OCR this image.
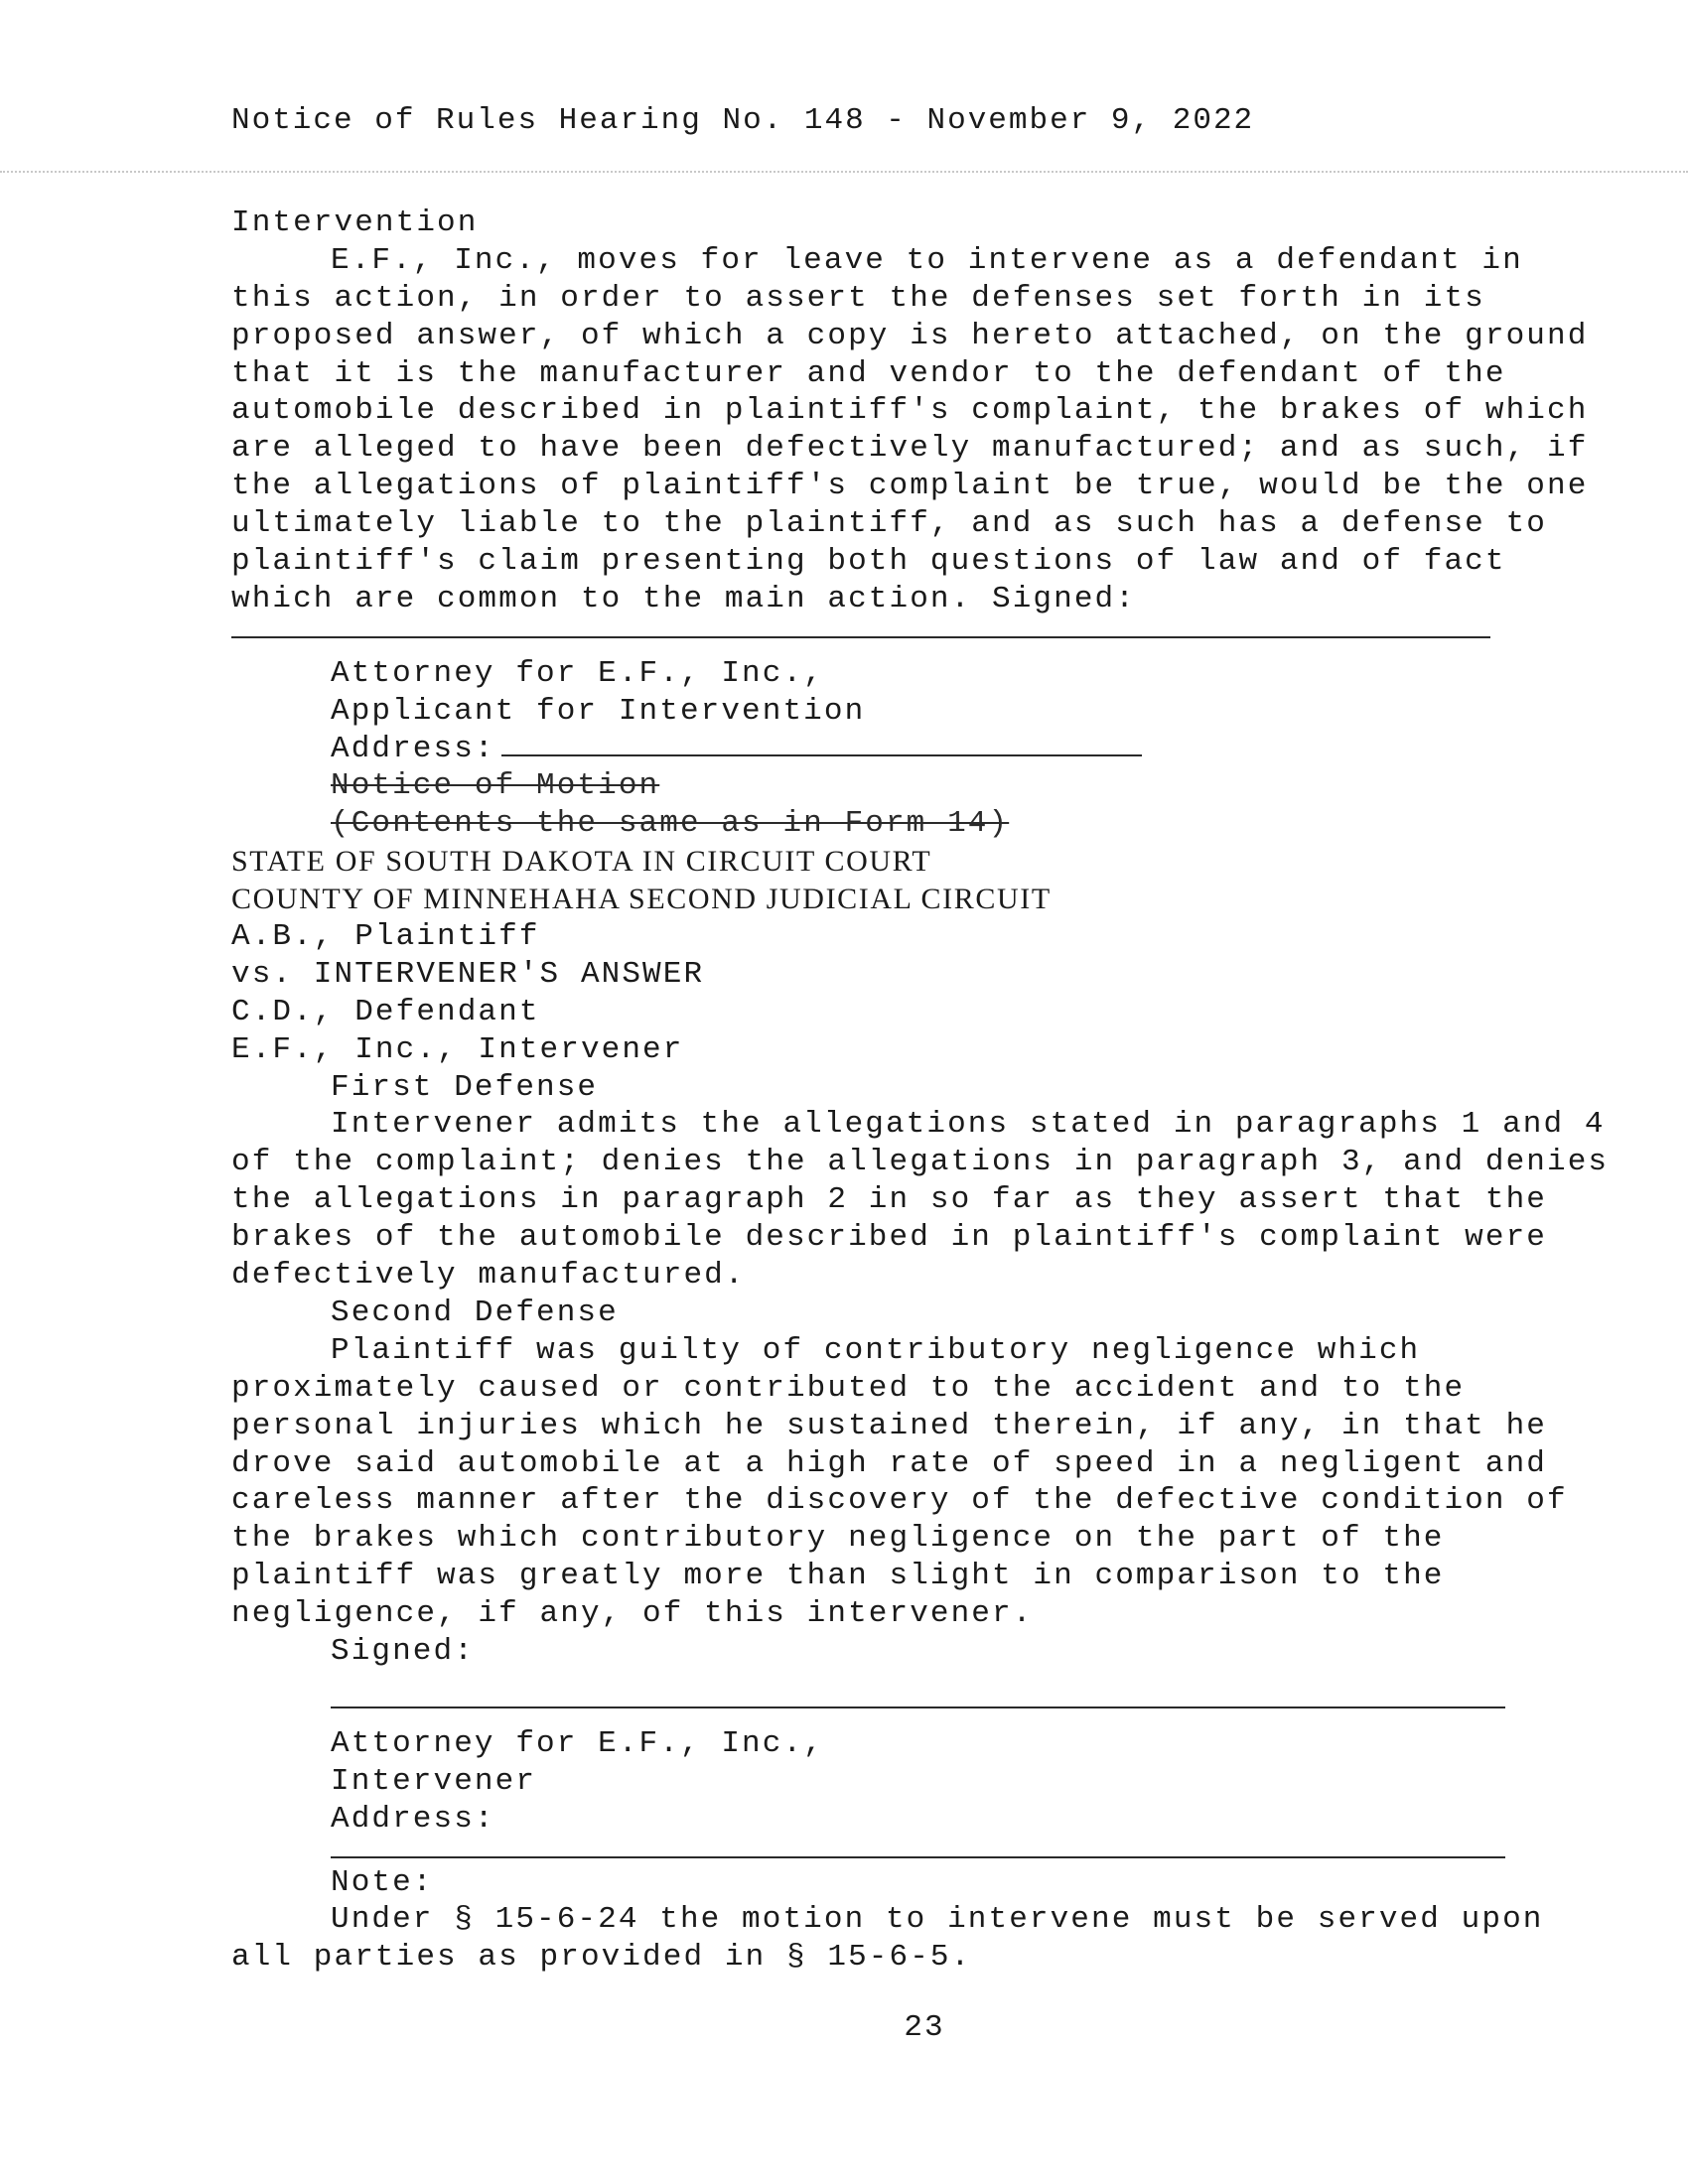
Notice of Rules Hearing No. 148 - November 9, 2022
Intervention
E.F., Inc., moves for leave to intervene as a defendant in
this action, in order to assert the defenses set forth in its
proposed answer, of which a copy is hereto attached, on the ground
that it is the manufacturer and vendor to the defendant of the
automobile described in plaintiff's complaint, the brakes of which
are alleged to have been defectively manufactured; and as such, if
the allegations of plaintiff's complaint be true, would be the one
ultimately liable to the plaintiff, and as such has a defense to
plaintiff's claim presenting both questions of law and of fact
which are common to the main action. Signed:
Attorney for E.F., Inc.,
Applicant for Intervention
Address:
Notice of Motion
(Contents the same as in Form 14)
STATE OF SOUTH DAKOTA IN CIRCUIT COURT
COUNTY OF MINNEHAHA SECOND JUDICIAL CIRCUIT
A.B., Plaintiff
vs. INTERVENER'S ANSWER
C.D., Defendant
E.F., Inc., Intervener
First Defense
Intervener admits the allegations stated in paragraphs 1 and 4
of the complaint; denies the allegations in paragraph 3, and denies
the allegations in paragraph 2 in so far as they assert that the
brakes of the automobile described in plaintiff's complaint were
defectively manufactured.
Second Defense
Plaintiff was guilty of contributory negligence which
proximately caused or contributed to the accident and to the
personal injuries which he sustained therein, if any, in that he
drove said automobile at a high rate of speed in a negligent and
careless manner after the discovery of the defective condition of
the brakes which contributory negligence on the part of the
plaintiff was greatly more than slight in comparison to the
negligence, if any, of this intervener.
Signed:
Attorney for E.F., Inc.,
Intervener
Address:
Note:
Under § 15-6-24 the motion to intervene must be served upon
all parties as provided in § 15-6-5.
23
